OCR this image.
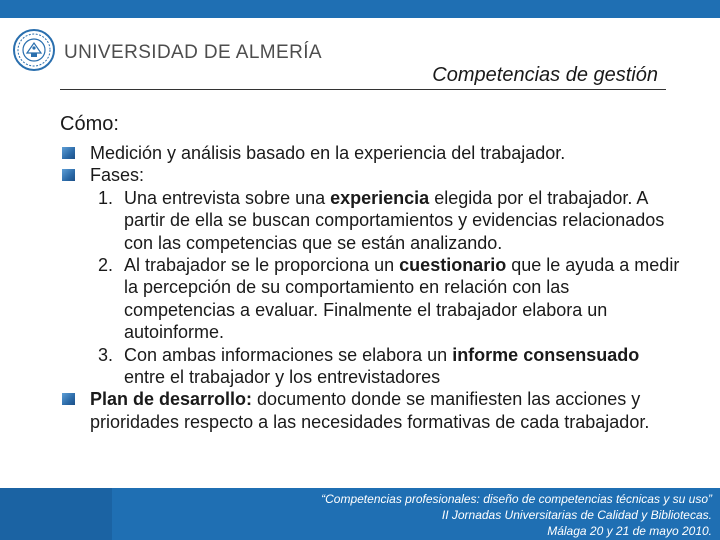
UNIVERSIDAD DE ALMERÍA
Competencias de gestión
Cómo:
Medición y análisis basado en la experiencia del trabajador.
Fases:
1. Una entrevista sobre una experiencia elegida por el trabajador. A partir de ella se buscan comportamientos y evidencias relacionados con las competencias que se están analizando.
2. Al trabajador se le proporciona un cuestionario que le ayuda a medir la percepción de su comportamiento en relación con las competencias a evaluar. Finalmente el trabajador elabora un autoinforme.
3. Con ambas informaciones se elabora un informe consensuado entre el trabajador y los entrevistadores
Plan de desarrollo: documento donde se manifiesten las acciones y prioridades respecto a las necesidades formativas de cada trabajador.
“Competencias profesionales: diseño de competencias técnicas y su uso”
II Jornadas Universitarias de Calidad y Bibliotecas.
Málaga 20 y 21 de mayo 2010.
